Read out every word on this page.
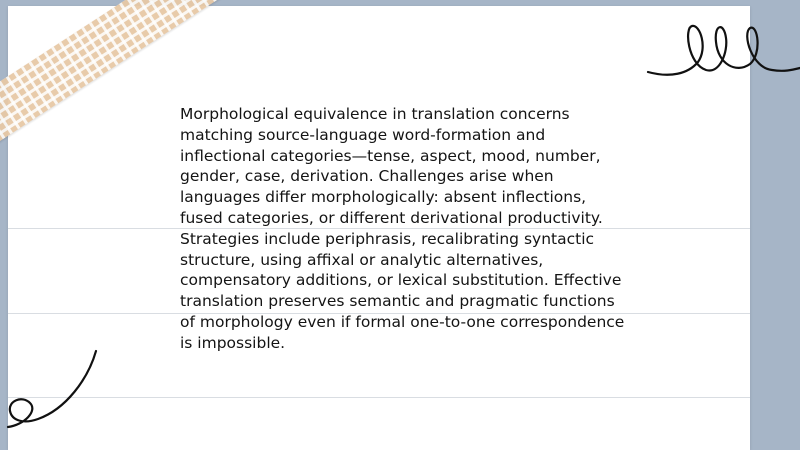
Morphological equivalence in translation concerns matching source-language word-formation and inflectional categories—tense, aspect, mood, number, gender, case, derivation. Challenges arise when languages differ morphologically: absent inflections, fused categories, or different derivational productivity. Strategies include periphrasis, recalibrating syntactic structure, using affixal or analytic alternatives, compensatory additions, or lexical substitution. Effective translation preserves semantic and pragmatic functions of morphology even if formal one-to-one correspondence is impossible.
